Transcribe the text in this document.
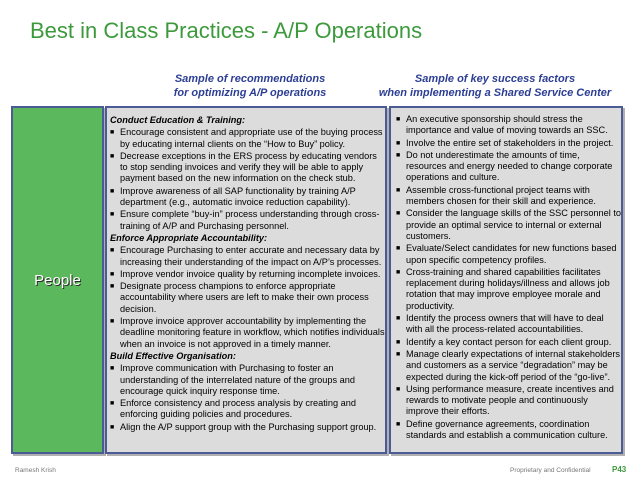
Best in Class Practices - A/P Operations
Sample of recommendations
for optimizing A/P operations
Sample of key success factors
when implementing a Shared Service Center
People
Conduct Education & Training:
■ Encourage consistent and appropriate use of the buying process by educating internal clients on the “How to Buy” policy.
■ Decrease exceptions in the ERS process by educating vendors to stop sending invoices and verify they will be able to apply payment based on the new information on the check stub.
■ Improve awareness of all SAP functionality by training A/P department (e.g., automatic invoice reduction capability).
■ Ensure complete “buy-in” process understanding through cross-training of A/P and Purchasing personnel.
Enforce Appropriate Accountability:
■ Encourage Purchasing to enter accurate and necessary data by increasing their understanding of the impact on A/P’s processes.
■ Improve vendor invoice quality by returning incomplete invoices.
■ Designate process champions to enforce appropriate accountability where users are left to make their own process decision.
■ Improve invoice approver accountability by implementing the deadline monitoring feature in workflow, which notifies individuals when an invoice is not approved in a timely manner.
Build Effective Organisation:
■ Improve communication with Purchasing to foster an understanding of the interrelated nature of the groups and encourage quick inquiry response time.
■ Enforce consistency and process analysis by creating and enforcing guiding policies and procedures.
■ Align the A/P support group with the Purchasing support group.
■ An executive sponsorship should stress the importance and value of moving towards an SSC.
■ Involve the entire set of stakeholders in the project.
■ Do not underestimate the amounts of time, resources and energy needed to change corporate operations and culture.
■ Assemble cross-functional project teams with members chosen for their skill and experience.
■ Consider the language skills of the SSC personnel to provide an optimal service to internal or external customers.
■ Evaluate/Select candidates for new functions based upon specific competency profiles.
■ Cross-training and shared capabilities facilitates replacement during holidays/illness and allows job rotation that may improve employee morale and productivity.
■ Identify the process owners that will have to deal with all the process-related accountabilities.
■ Identify a key contact person for each client group.
■ Manage clearly expectations of internal stakeholders and customers as a service “degradation” may be expected during the kick-off period of the “go-live”.
■ Using performance measure, create incentives and rewards to motivate people and continuously improve their efforts.
■ Define governance agreements, coordination standards and establish a communication culture.
Ramesh Krish	Proprietary and Confidential	P43
